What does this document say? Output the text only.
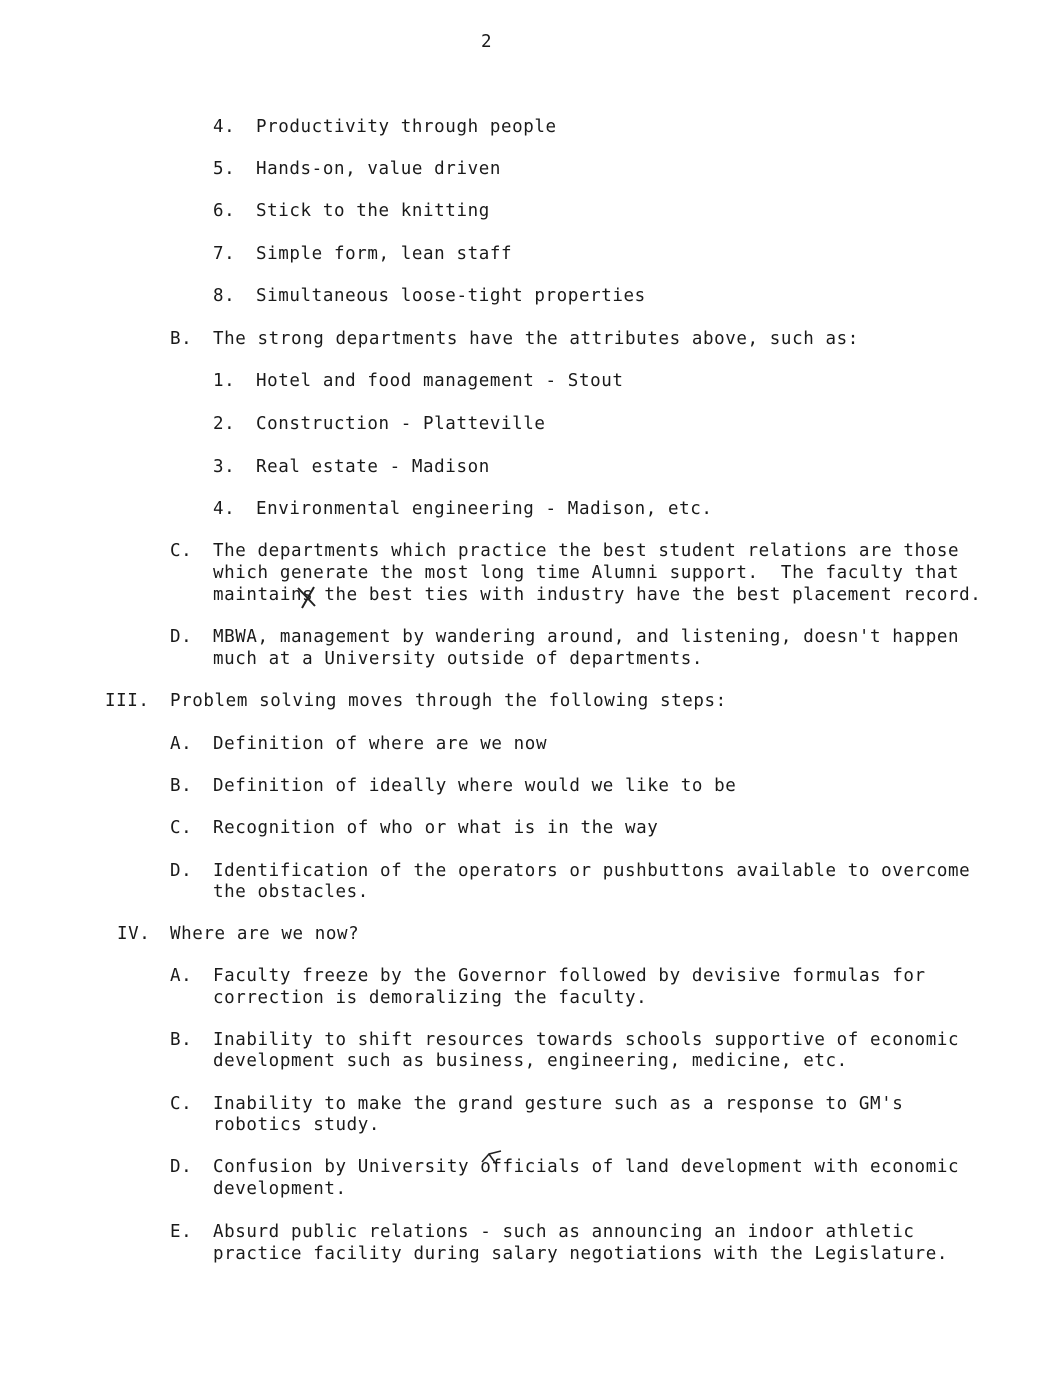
2

4.

Productivity through people

5.

Hands-on, value driven

6.

Stick to the knitting

7.

Simple form, lean staff

8.

Simultaneous loose-tight properties

B.

The strong departments have the attributes above, such as:

1.

Hotel and food management - Stout

2.

Construction - Platteville

3.

Real estate - Madison

4.

Environmental engineering - Madison, etc.

C.

The departments which practice the best student relations are those

which generate the most long time Alumni support.  The faculty that

maintains the best ties with industry have the best placement record.

D.

MBWA, management by wandering around, and listening, doesn't happen

much at a University outside of departments.

III.

Problem solving moves through the following steps:

A.

Definition of where are we now

B.

Definition of ideally where would we like to be

C.

Recognition of who or what is in the way

D.

Identification of the operators or pushbuttons available to overcome

the obstacles.

IV.

Where are we now?

A.

Faculty freeze by the Governor followed by devisive formulas for

correction is demoralizing the faculty.

B.

Inability to shift resources towards schools supportive of economic

development such as business, engineering, medicine, etc.

C.

Inability to make the grand gesture such as a response to GM's

robotics study.

D.

Confusion by University officials of land development with economic

development.

E.

Absurd public relations - such as announcing an indoor athletic

practice facility during salary negotiations with the Legislature.
